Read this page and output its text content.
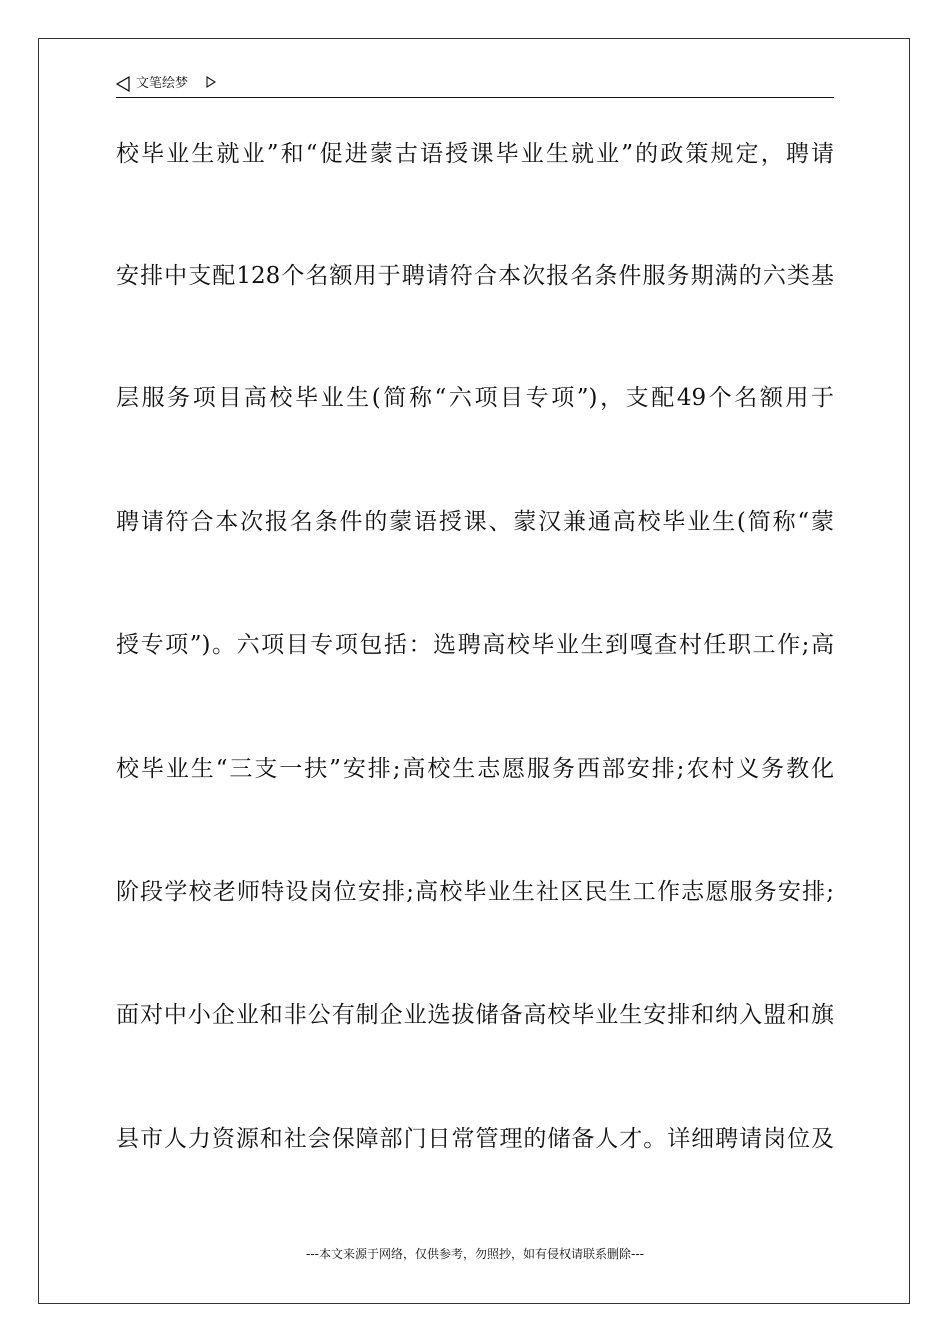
文笔绘梦
校毕业生就业”和“促进蒙古语授课毕业生就业”的政策规定，聘请
安排中支配128个名额用于聘请符合本次报名条件服务期满的六类基
层服务项目高校毕业生(简称“六项目专项”)，支配49个名额用于
聘请符合本次报名条件的蒙语授课、蒙汉兼通高校毕业生(简称“蒙
授专项”)。六项目专项包括：选聘高校毕业生到嘎查村任职工作;高
校毕业生“三支一扶”安排;高校生志愿服务西部安排;农村义务教化
阶段学校老师特设岗位安排;高校毕业生社区民生工作志愿服务安排;
面对中小企业和非公有制企业选拔储备高校毕业生安排和纳入盟和旗
县市人力资源和社会保障部门日常管理的储备人才。详细聘请岗位及
---本文来源于网络，仅供参考，勿照抄，如有侵权请联系删除---
